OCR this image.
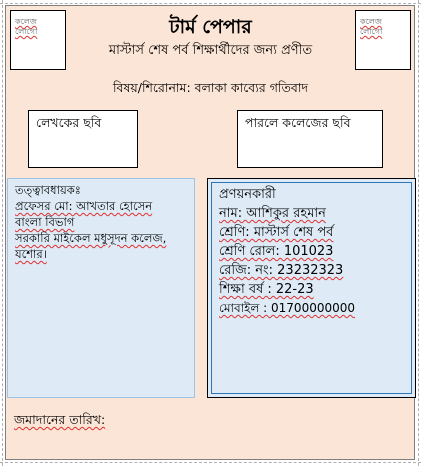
কলেজ লোগো
কলেজ লোগো
টার্ম পেপার
মাস্টার্স শেষ পর্ব শিক্ষার্থীদের জন্য প্রণীত
বিষয়/শিরোনাম: বলাকা কাব্যের গতিবাদ
লেখকের ছবি	পারলে কলেজের ছবি
তত্ত্বাবধায়কঃ
প্রফেসর মো: আখতার হোসেন
বাংলা বিভাগ
সরকারি মাইকেল মধুসূদন কলেজ, যশোর।
প্রণয়নকারী
নাম: আশিকুর রহমান
শ্রেণি: মাস্টার্স শেষ পর্ব
শ্রেণি রোল: 101023
রেজি: নং: 23232323
শিক্ষা বর্ষ : 22-23
মোবাইল : 01700000000
জমাদানের তারিখ:
